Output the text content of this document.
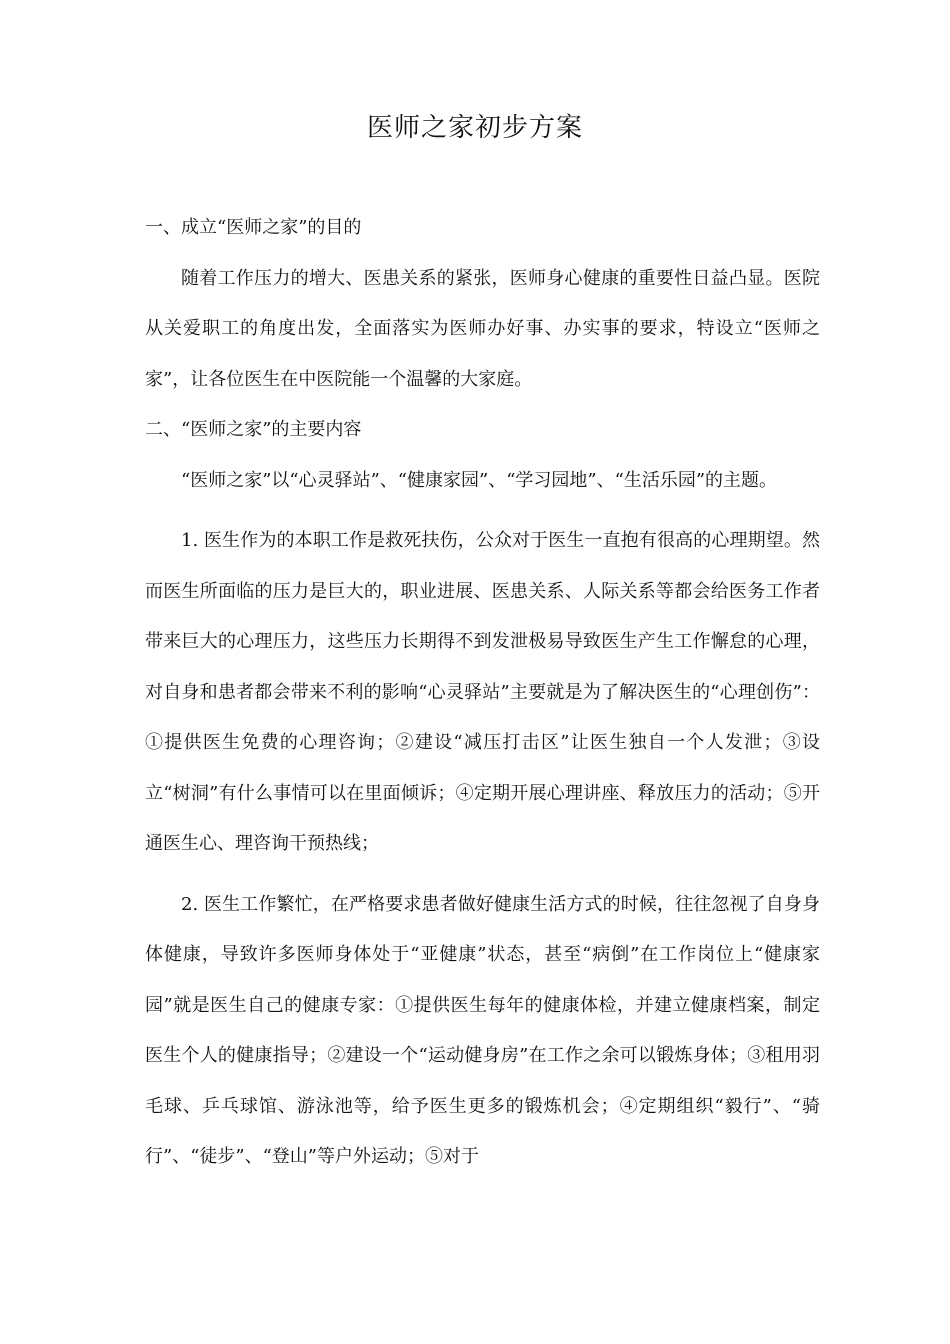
医师之家初步方案

一、成立“医师之家”的目的

随着工作压力的增大、医患关系的紧张，医师身心健康的重要性日益凸显。医院从关爱职工的角度出发，全面落实为医师办好事、办实事的要求，特设立“医师之家”，让各位医生在中医院能一个温馨的大家庭。

二、“医师之家”的主要内容

“医师之家”以“心灵驿站”、“健康家园”、“学习园地”、“生活乐园”的主题。

1. 医生作为的本职工作是救死扶伤，公众对于医生一直抱有很高的心理期望。然而医生所面临的压力是巨大的，职业进展、医患关系、人际关系等都会给医务工作者带来巨大的心理压力，这些压力长期得不到发泄极易导致医生产生工作懈怠的心理，对自身和患者都会带来不利的影响“心灵驿站”主要就是为了解决医生的“心理创伤”：①提供医生免费的心理咨询；②建设“减压打击区”让医生独自一个人发泄；③设立“树洞”有什么事情可以在里面倾诉；④定期开展心理讲座、释放压力的活动；⑤开通医生心、理咨询干预热线；

2. 医生工作繁忙，在严格要求患者做好健康生活方式的时候，往往忽视了自身身体健康，导致许多医师身体处于“亚健康”状态，甚至“病倒”在工作岗位上“健康家园”就是医生自己的健康专家：①提供医生每年的健康体检，并建立健康档案，制定医生个人的健康指导；②建设一个“运动健身房”在工作之余可以锻炼身体；③租用羽毛球、乒乓球馆、游泳池等，给予医生更多的锻炼机会；④定期组织“毅行”、“骑行”、“徒步”、“登山”等户外运动；⑤对于
